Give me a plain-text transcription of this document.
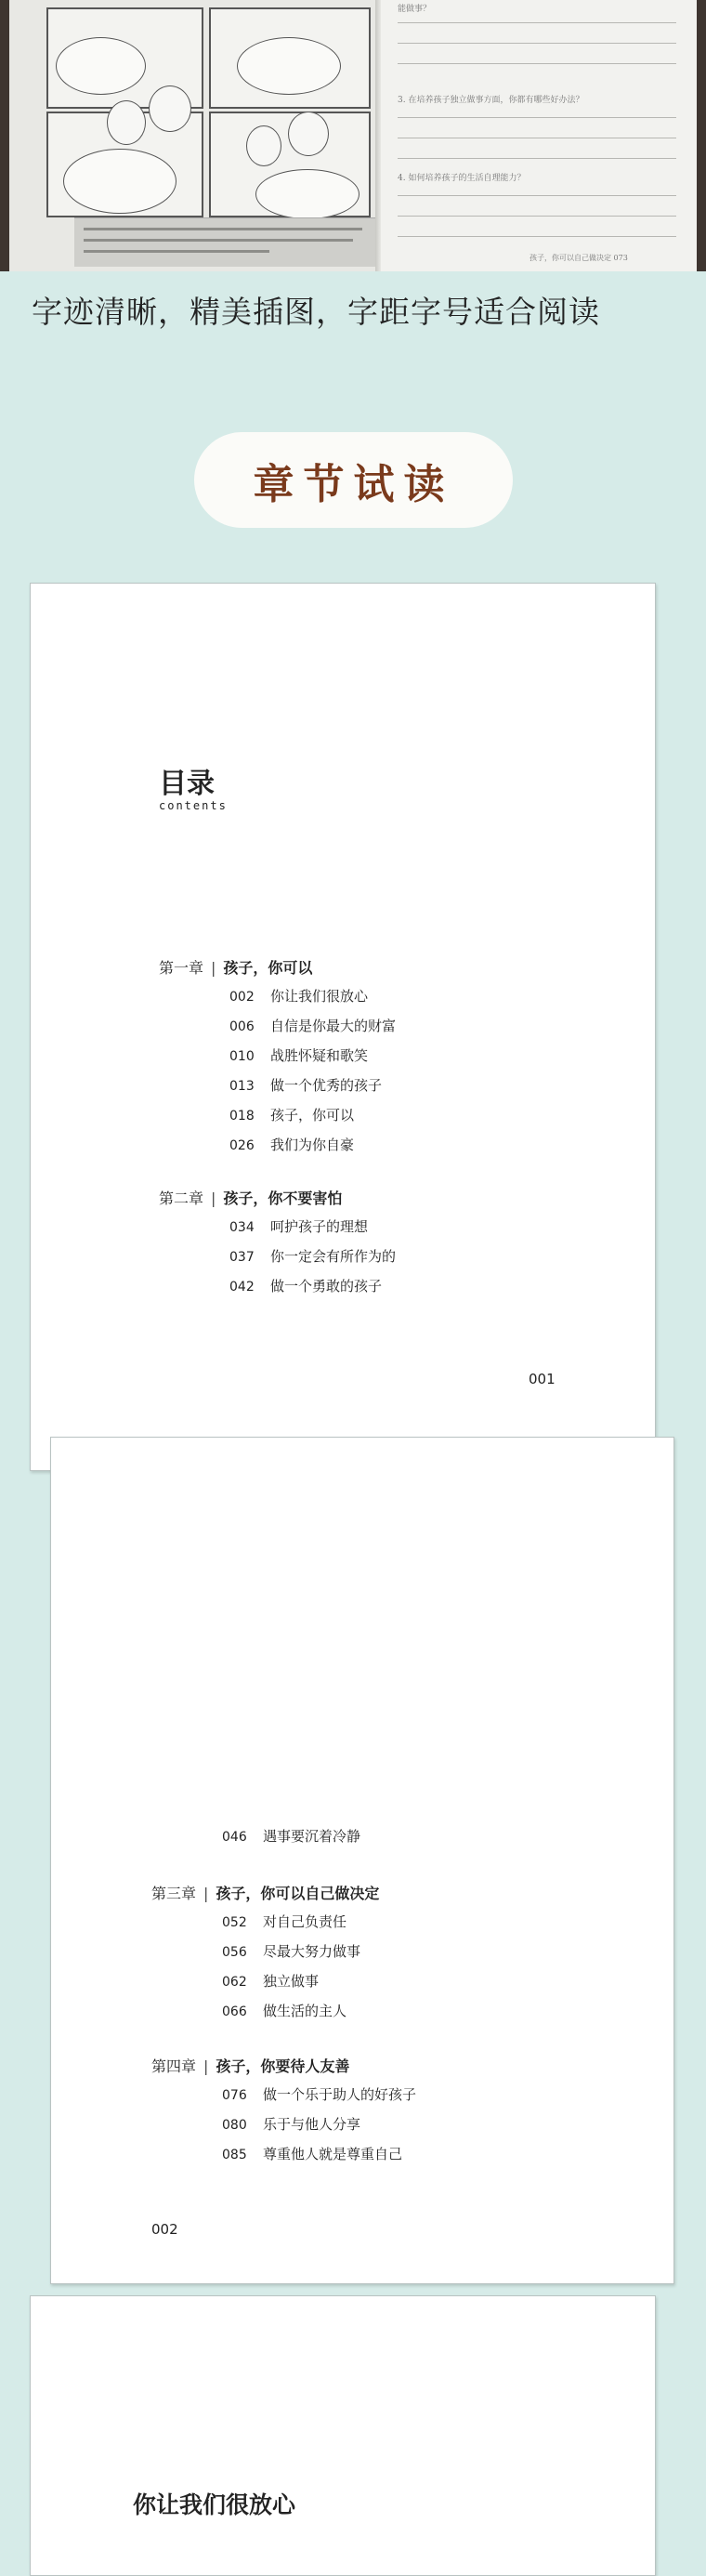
能做事？
3. 在培养孩子独立做事方面，你都有哪些好办法？
4. 如何培养孩子的生活自理能力？
孩子，你可以自己做决定 073
字迹清晰，精美插图，字距字号适合阅读
章节试读
目录
contents
第一章 | 孩子，你可以
002 你让我们很放心
006 自信是你最大的财富
010 战胜怀疑和歌笑
013 做一个优秀的孩子
018 孩子，你可以
026 我们为你自豪
第二章 | 孩子，你不要害怕
034 呵护孩子的理想
037 你一定会有所作为的
042 做一个勇敢的孩子
001
046 遇事要沉着冷静
第三章 | 孩子，你可以自己做决定
052 对自己负责任
056 尽最大努力做事
062 独立做事
066 做生活的主人
第四章 | 孩子，你要待人友善
076 做一个乐于助人的好孩子
080 乐于与他人分享
085 尊重他人就是尊重自己
002
你让我们很放心
